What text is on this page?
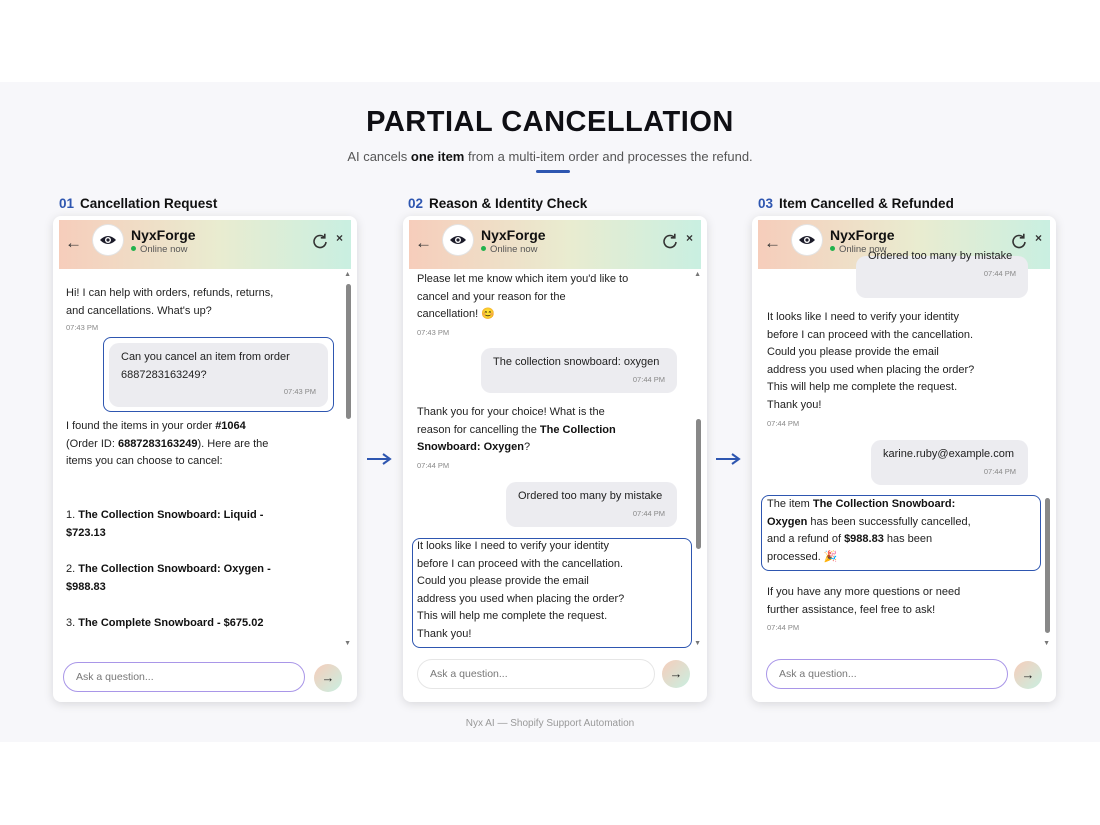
PARTIAL CANCELLATION
AI cancels one item from a multi-item order and processes the refund.
01 Cancellation Request	02 Reason & Identity Check	03 Item Cancelled & Refunded
←	NyxForge
Online now
×
▲
▼
Hi! I can help with orders, refunds, returns,
and cancellations. What's up?
07:43 PM
Can you cancel an item from order
6887283163249?
07:43 PM
I found the items in your order #1064
(Order ID: 6887283163249). Here are the
items you can choose to cancel:
1. The Collection Snowboard: Liquid -
$723.13
2. The Collection Snowboard: Oxygen -
$988.83
3. The Complete Snowboard - $675.02
Ask a question...	→
←	NyxForge
Online now
×
▲
▼
Please let me know which item you'd like to
cancel and your reason for the
cancellation! 😊
07:43 PM
The collection snowboard: oxygen
07:44 PM
Thank you for your choice! What is the
reason for cancelling the The Collection
Snowboard: Oxygen?
07:44 PM
Ordered too many by mistake
07:44 PM
It looks like I need to verify your identity
before I can proceed with the cancellation.
Could you please provide the email
address you used when placing the order?
This will help me complete the request.
Thank you!
Ask a question...	→
←	NyxForge
Online now
×
▼
Ordered too many by mistake
07:44 PM
It looks like I need to verify your identity
before I can proceed with the cancellation.
Could you please provide the email
address you used when placing the order?
This will help me complete the request.
Thank you!
07:44 PM
karine.ruby@example.com
07:44 PM
The item The Collection Snowboard:
Oxygen has been successfully cancelled,
and a refund of $988.83 has been
processed. 🎉
If you have any more questions or need
further assistance, feel free to ask!
07:44 PM
Ask a question...	→
Nyx AI — Shopify Support Automation
